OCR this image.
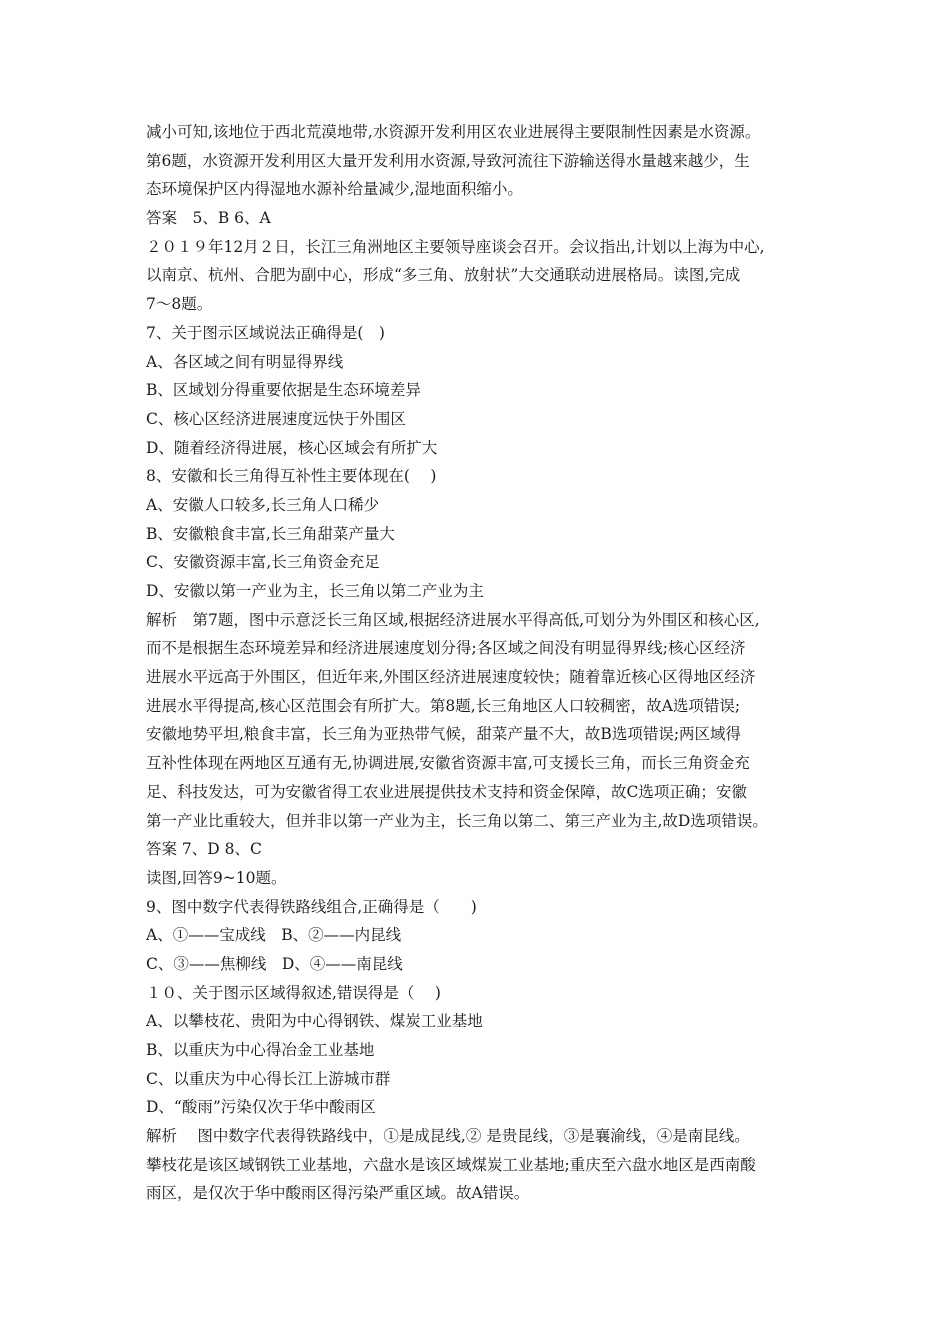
减小可知,该地位于西北荒漠地带,水资源开发利用区农业进展得主要限制性因素是水资源。
第6题，水资源开发利用区大量开发利用水资源,导致河流往下游输送得水量越来越少，生
态环境保护区内得湿地水源补给量减少,湿地面积缩小。
答案　5、B 6、A
２０１９年12月２日，长江三角洲地区主要领导座谈会召开。会议指出,计划以上海为中心,
以南京、杭州、合肥为副中心，形成“多三角、放射状”大交通联动进展格局。读图,完成
7～8题。
7、关于图示区域说法正确得是(　)
A、各区域之间有明显得界线
B、区域划分得重要依据是生态环境差异
C、核心区经济进展速度远快于外围区
D、随着经济得进展，核心区域会有所扩大
8、安徽和长三角得互补性主要体现在(　 )
A、安徽人口较多,长三角人口稀少
B、安徽粮食丰富,长三角甜菜产量大
C、安徽资源丰富,长三角资金充足
D、安徽以第一产业为主，长三角以第二产业为主
解析　第7题，图中示意泛长三角区域,根据经济进展水平得高低,可划分为外围区和核心区,
而不是根据生态环境差异和经济进展速度划分得;各区域之间没有明显得界线;核心区经济
进展水平远高于外围区，但近年来,外围区经济进展速度较快；随着靠近核心区得地区经济
进展水平得提高,核心区范围会有所扩大。第8题,长三角地区人口较稠密，故A选项错误;
安徽地势平坦,粮食丰富，长三角为亚热带气候，甜菜产量不大，故B选项错误;两区域得
互补性体现在两地区互通有无,协调进展,安徽省资源丰富,可支援长三角，而长三角资金充
足、科技发达，可为安徽省得工农业进展提供技术支持和资金保障，故C选项正确；安徽
第一产业比重较大，但并非以第一产业为主，长三角以第二、第三产业为主,故D选项错误。
答案 7、D 8、C
读图,回答9~10题。
9、图中数字代表得铁路线组合,正确得是（　　)
A、①——宝成线　B、②——内昆线
C、③——焦柳线　D、④——南昆线
１０、关于图示区域得叙述,错误得是（　 )
A、以攀枝花、贵阳为中心得钢铁、煤炭工业基地
B、以重庆为中心得冶金工业基地
C、以重庆为中心得长江上游城市群
D、“酸雨”污染仅次于华中酸雨区
解析　 图中数字代表得铁路线中，①是成昆线,② 是贵昆线，③是襄渝线，④是南昆线。
攀枝花是该区域钢铁工业基地，六盘水是该区域煤炭工业基地;重庆至六盘水地区是西南酸
雨区，是仅次于华中酸雨区得污染严重区域。故A错误。
